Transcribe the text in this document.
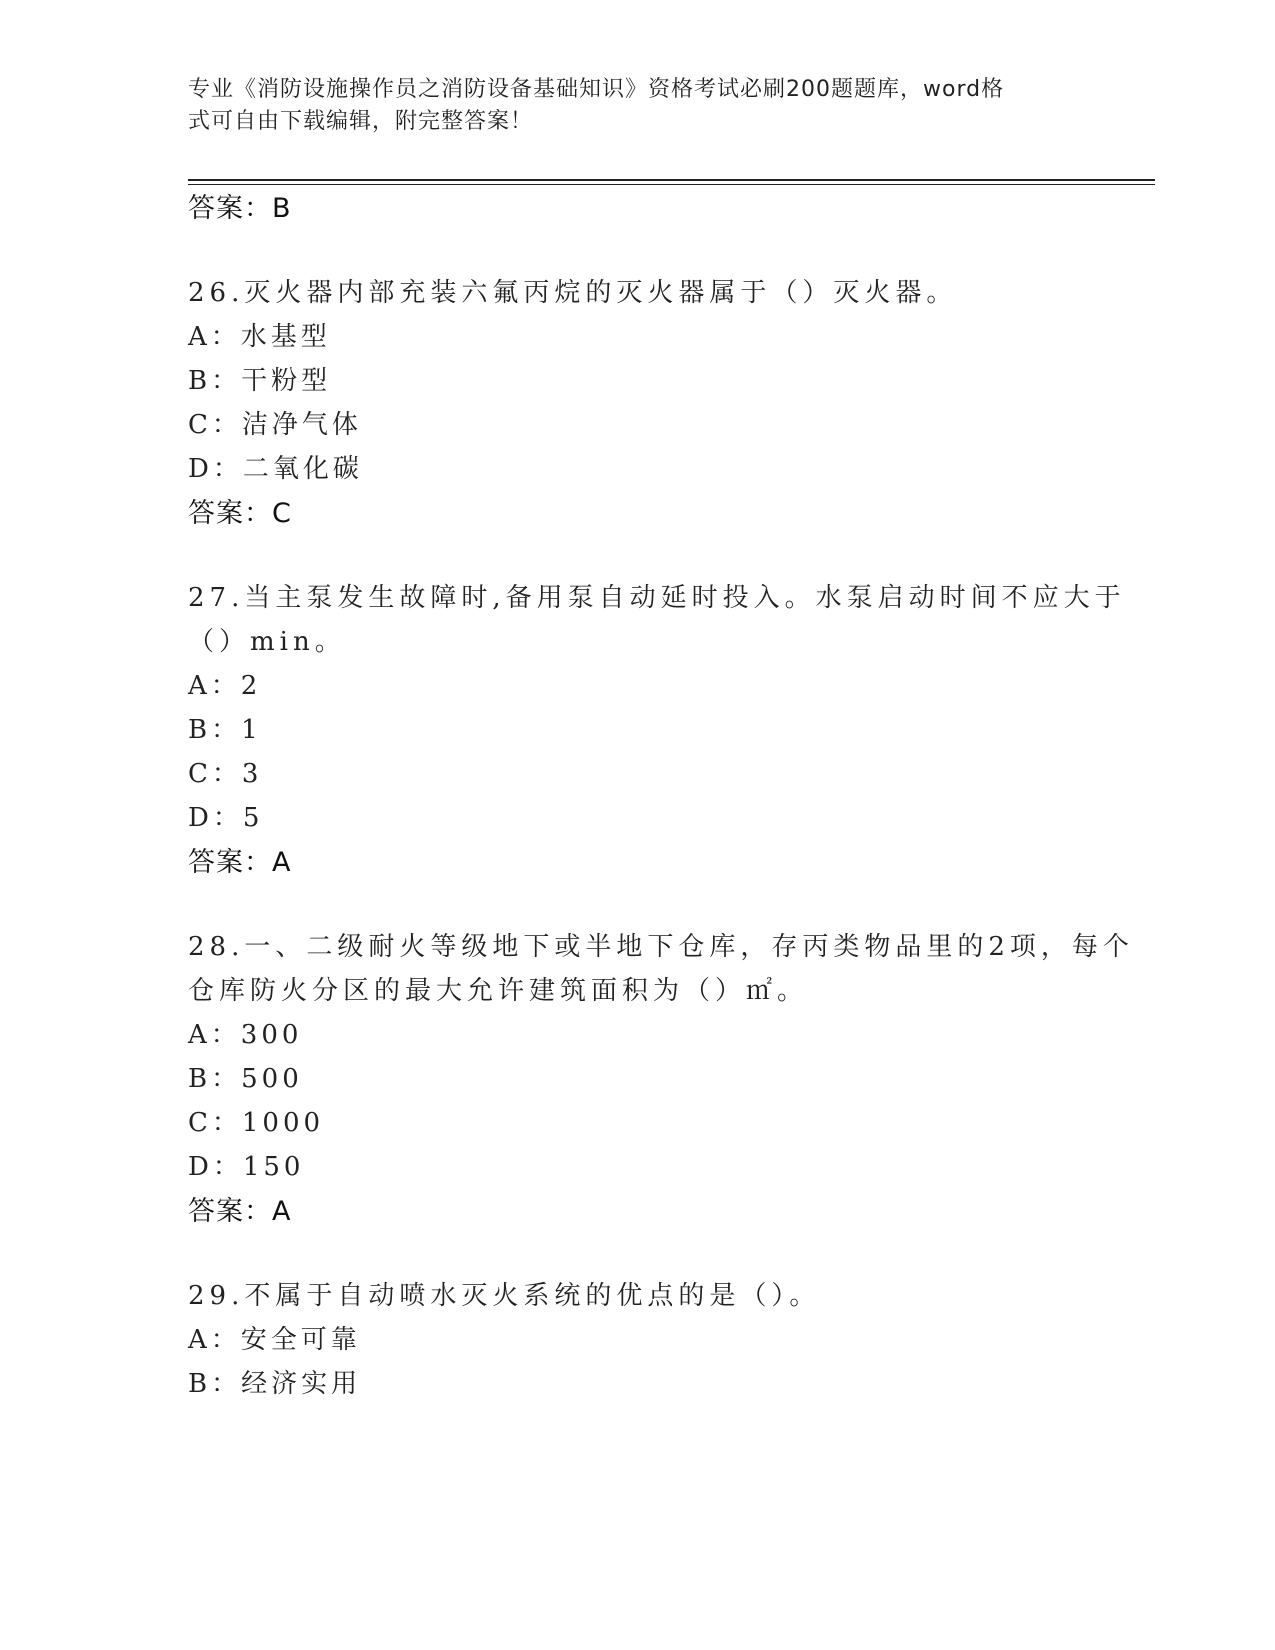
专业《消防设施操作员之消防设备基础知识》资格考试必刷200题题库，word格
式可自由下载编辑，附完整答案！
答案：B
26.灭火器内部充装六氟丙烷的灭火器属于（）灭火器。
A：水基型
B：干粉型
C：洁净气体
D：二氧化碳
答案：C
27.当主泵发生故障时,备用泵自动延时投入。水泵启动时间不应大于
（）min。
A：2
B：1
C：3
D：5
答案：A
28.一、二级耐火等级地下或半地下仓库，存丙类物品里的2项，每个
仓库防火分区的最大允许建筑面积为（）㎡。
A：300
B：500
C：1000
D：150
答案：A
29.不属于自动喷水灭火系统的优点的是（）。
A：安全可靠
B：经济实用
